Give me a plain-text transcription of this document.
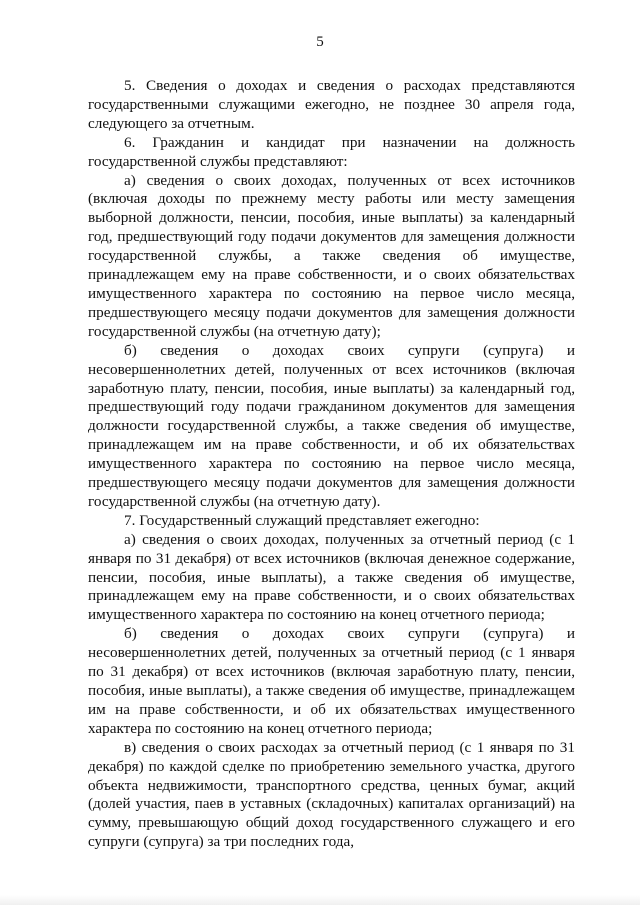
5

5. Сведения о доходах и сведения о расходах представляются государственными служащими ежегодно, не позднее 30 апреля года, следующего за отчетным.

6. Гражданин и кандидат при назначении на должность государственной службы представляют:

а) сведения о своих доходах, полученных от всех источников (включая доходы по прежнему месту работы или месту замещения выборной должности, пенсии, пособия, иные выплаты) за календарный год, предшествующий году подачи документов для замещения должности государственной службы, а также сведения об имуществе, принадлежащем ему на праве собственности, и о своих обязательствах имущественного характера по состоянию на первое число месяца, предшествующего месяцу подачи документов для замещения должности государственной службы (на отчетную дату);

б) сведения о доходах своих супруги (супруга) и несовершеннолетних детей, полученных от всех источников (включая заработную плату, пенсии, пособия, иные выплаты) за календарный год, предшествующий году подачи гражданином документов для замещения должности государственной службы, а также сведения об имуществе, принадлежащем им на праве собственности, и об их обязательствах имущественного характера по состоянию на первое число месяца, предшествующего месяцу подачи документов для замещения должности государственной службы (на отчетную дату).

7. Государственный служащий представляет ежегодно:

а) сведения о своих доходах, полученных за отчетный период (с 1 января по 31 декабря) от всех источников (включая денежное содержание, пенсии, пособия, иные выплаты), а также сведения об имуществе, принадлежащем ему на праве собственности, и о своих обязательствах имущественного характера по состоянию на конец отчетного периода;

б) сведения о доходах своих супруги (супруга) и несовершеннолетних детей, полученных за отчетный период (с 1 января по 31 декабря) от всех источников (включая заработную плату, пенсии, пособия, иные выплаты), а также сведения об имуществе, принадлежащем им на праве собственности, и об их обязательствах имущественного характера по состоянию на конец отчетного периода;

в) сведения о своих расходах за отчетный период (с 1 января по 31 декабря) по каждой сделке по приобретению земельного участка, другого объекта недвижимости, транспортного средства, ценных бумаг, акций (долей участия, паев в уставных (складочных) капиталах организаций) на сумму, превышающую общий доход государственного служащего и его супруги (супруга) за три последних года,
